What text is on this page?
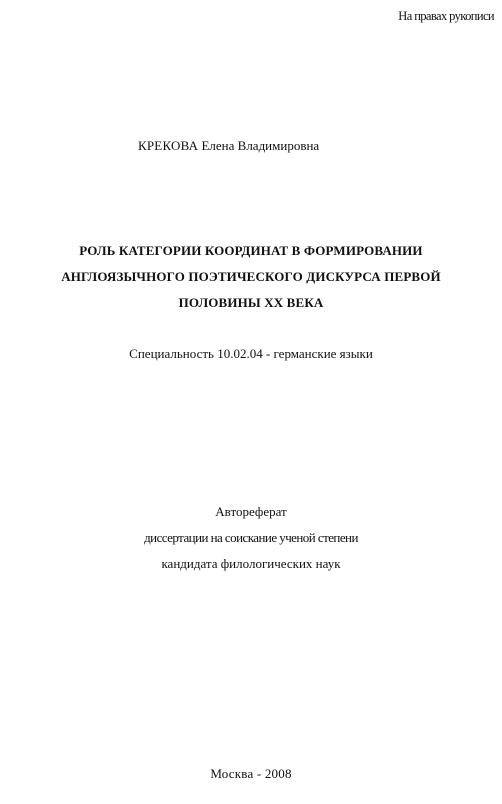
На правах рукописи
КРЕКОВА Елена Владимировна
РОЛЬ КАТЕГОРИИ КООРДИНАТ В ФОРМИРОВАНИИ
АНГЛОЯЗЫЧНОГО ПОЭТИЧЕСКОГО ДИСКУРСА ПЕРВОЙ
ПОЛОВИНЫ XX ВЕКА
Специальность 10.02.04 - германские языки
Автореферат
диссертации на соискание ученой степени
кандидата филологических наук
Москва - 2008
